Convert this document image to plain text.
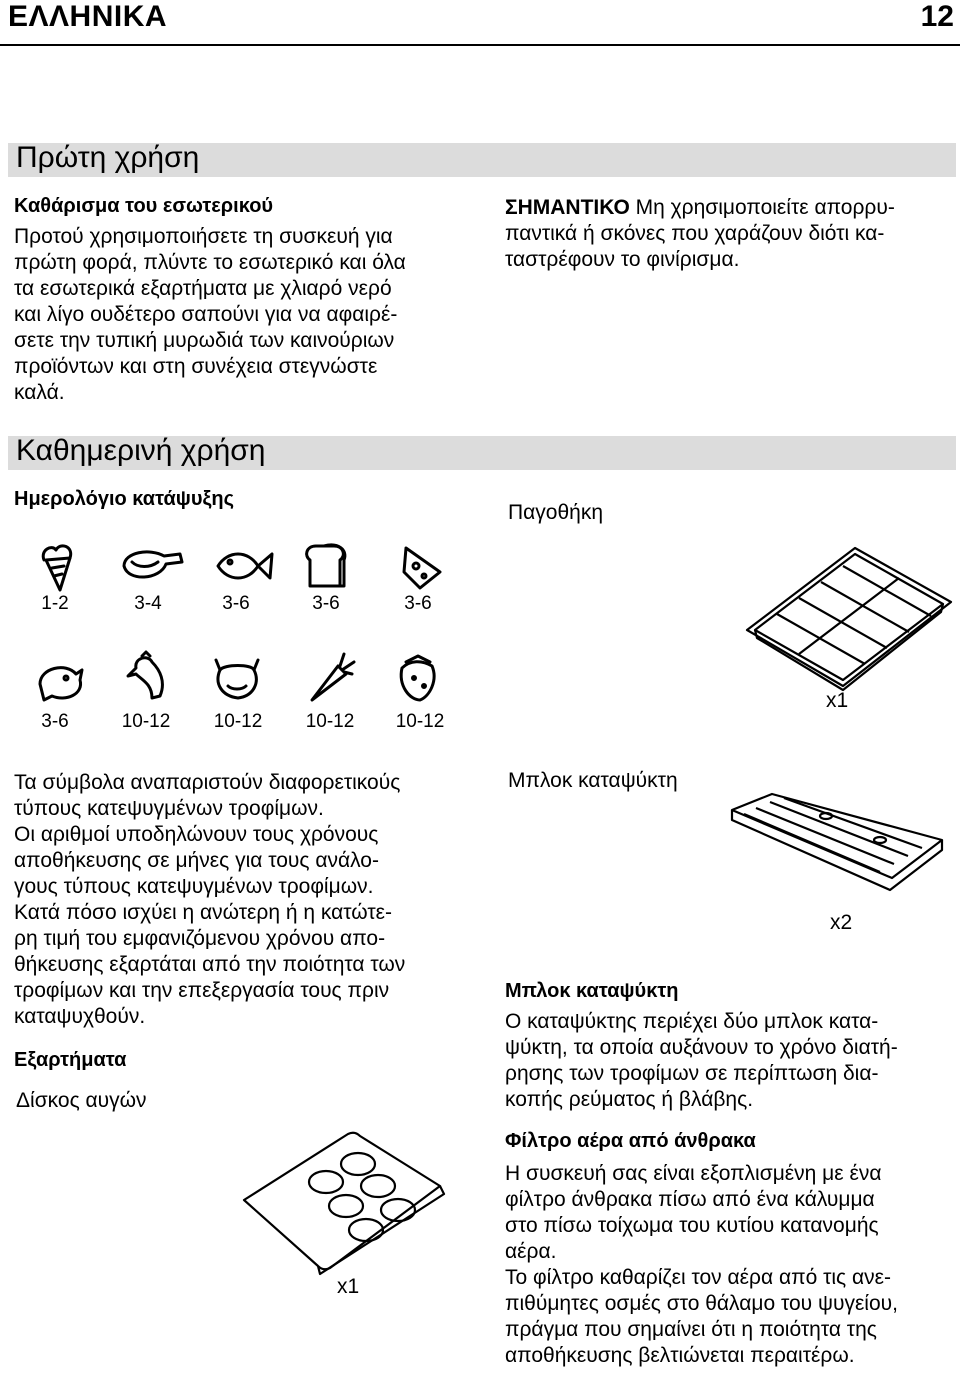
ΕΛΛΗΝΙΚΑ	12
Πρώτη χρήση
Καθάρισμα του εσωτερικού

Προτού χρησιμοποιήσετε τη συσκευή για

πρώτη φορά, πλύντε το εσωτερικό και όλα

τα εσωτερικά εξαρτήματα με χλιαρό νερό

και λίγο ουδέτερο σαπούνι για να αφαιρέ-

σετε την τυπική μυρωδιά των καινούριων

προϊόντων και στη συνέχεια στεγνώστε

καλά.

ΣΗΜΑΝΤΙΚΟ Μη χρησιμοποιείτε απορρυ-

παντικά ή σκόνες που χαράζουν διότι κα-

ταστρέφουν το φινίρισμα.

Καθημερινή χρήση
Ημερολόγιο κατάψυξης
Παγοθήκη
1-2	3-4	3-6	3-6	3-6
3-6	10-12	10-12	10-12	10-12
x1

Τα σύμβολα αναπαριστούν διαφορετικούς

τύπους κατεψυγμένων τροφίμων.

Οι αριθμοί υποδηλώνουν τους χρόνους

αποθήκευσης σε μήνες για τους ανάλο-

γους τύπους κατεψυγμένων τροφίμων.

Κατά πόσο ισχύει η ανώτερη ή η κατώτε-

ρη τιμή του εμφανιζόμενου χρόνου απο-

θήκευσης εξαρτάται από την ποιότητα των

τροφίμων και την επεξεργασία τους πριν

καταψυχθούν.

Μπλοκ καταψύκτη
x2
Μπλοκ καταψύκτη

Ο καταψύκτης περιέχει δύο μπλοκ κατα-

ψύκτη, τα οποία αυξάνουν το χρόνο διατή-

ρησης των τροφίμων σε περίπτωση δια-

κοπής ρεύματος ή βλάβης.

Εξαρτήματα
Δίσκος αυγών
x1
Φίλτρο αέρα από άνθρακα

Η συσκευή σας είναι εξοπλισμένη με ένα

φίλτρο άνθρακα πίσω από ένα κάλυμμα

στο πίσω τοίχωμα του κυτίου κατανομής

αέρα.

Το φίλτρο καθαρίζει τον αέρα από τις ανε-

πιθύμητες οσμές στο θάλαμο του ψυγείου,

πράγμα που σημαίνει ότι η ποιότητα της

αποθήκευσης βελτιώνεται περαιτέρω.
